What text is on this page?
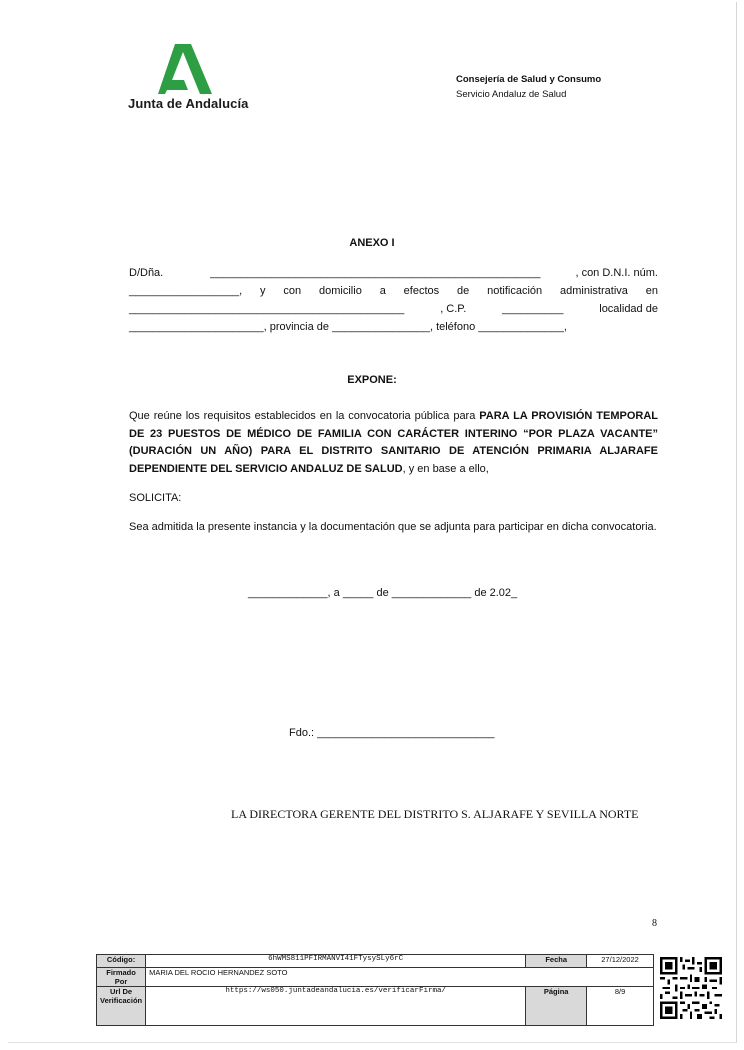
Junta de Andalucía
Consejería de Salud y Consumo
Servicio Andaluz de Salud
ANEXO I
D/Dña.	______________________________________________________	, con D.N.I. núm.
__________________, y con domicilio a efectos de notificación administrativa en
_____________________________________________	, C.P.	__________	localidad de
______________________, provincia de ________________, teléfono ______________,
EXPONE:
Que reúne los requisitos establecidos en la convocatoria pública para PARA LA PROVISIÓN TEMPORAL DE 23 PUESTOS DE MÉDICO DE FAMILIA CON CARÁCTER INTERINO “POR PLAZA VACANTE” (DURACIÓN UN AÑO) PARA EL DISTRITO SANITARIO DE ATENCIÓN PRIMARIA ALJARAFE DEPENDIENTE DEL SERVICIO ANDALUZ DE SALUD, y en base a ello,
SOLICITA:
Sea admitida la presente instancia y la documentación que se adjunta para participar en dicha convocatoria.
_____________, a _____ de _____________ de 2.02_
Fdo.: _____________________________
LA DIRECTORA GERENTE DEL DISTRITO S. ALJARAFE Y SEVILLA NORTE
8
Código:	6hWMS811PFIRMANVI41FTysySLy6rC	Fecha	27/12/2022
Firmado Por	MARIA DEL ROCIO HERNANDEZ SOTO		
Url De Verificación	https://ws050.juntadeandalucia.es/verificarFirma/	Página	8/9
